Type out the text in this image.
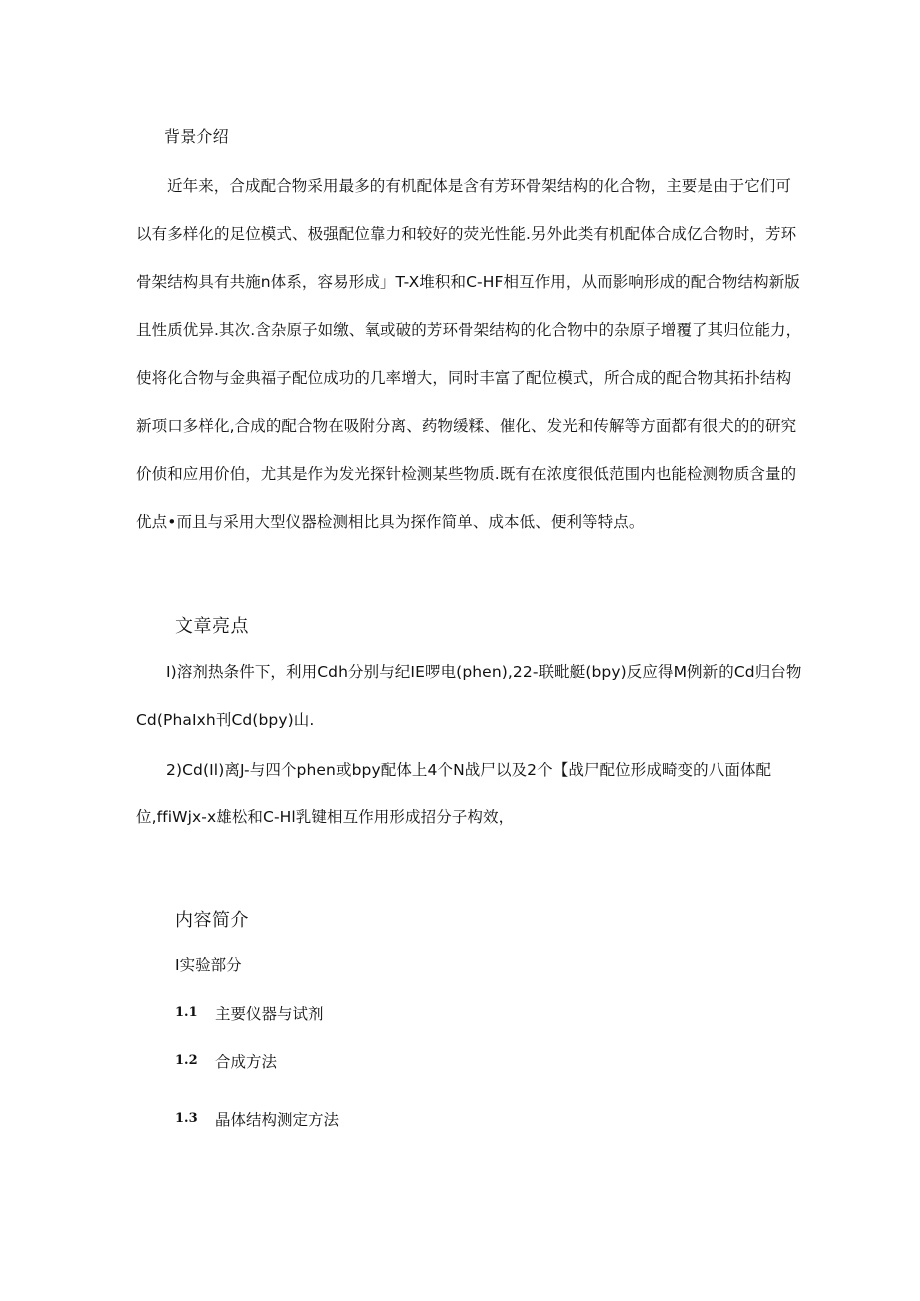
背景介绍
近年来，合成配合物采用最多的有机配体是含有芳环骨架结构的化合物，主要是由于它们可
以有多样化的足位模式、极强配位靠力和较好的荧光性能.另外此类有机配体合成亿合物时，芳环
骨架结构具有共施n体系，容易形成」T-X堆积和C-HF相互作用，从而影响形成的配合物结构新版
且性质优异.其次.含杂原子如缴、氧或破的芳环骨架结构的化合物中的杂原子增覆了其归位能力，
使将化合物与金典福子配位成功的几率增大，同时丰富了配位模式，所合成的配合物其拓扑结构
新项口多样化,合成的配合物在吸附分离、药物缓糅、催化、发光和传解等方面都有很犬的的研究
价侦和应用价伯，尤其是作为发光探针检测某些物质.既有在浓度很低范围内也能检测物质含量的
优点•而且与采用大型仪器检测相比具为探作简单、成本低、便利等特点。
文章亮点
I)溶剂热条件下，利用Cdh分别与纪IE啰电(phen),22-联毗艇(bpy)反应得M例新的Cd归台物
Cd(PhaIxh刊Cd(bpy)山.
2)Cd(Il)离J-与四个phen或bpy配体上4个N战尸以及2个【战尸配位形成畸变的八面体配
位,ffiWjx-x雄松和C-Hl乳键相互作用形成招分子构效，
内容简介
I实验部分
1.1 主要仪器与试剂
1.2 合成方法
1.3 晶体结构测定方法
